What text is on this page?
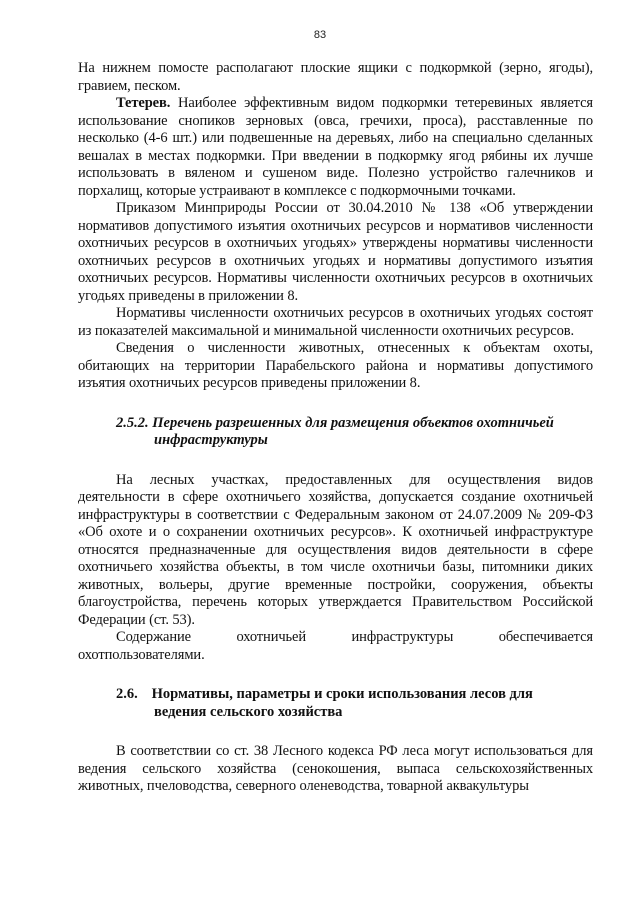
83

На нижнем помосте располагают плоские ящики с подкормкой (зерно, ягоды), гравием, песком.

Тетерев. Наиболее эффективным видом подкормки тетеревиных является использование снопиков зерновых (овса, гречихи, проса), расставленные по несколько (4-6 шт.) или подвешенные на деревьях, либо на специально сделанных вешалах в местах подкормки. При введении в подкормку ягод рябины их лучше использовать в вяленом и сушеном виде. Полезно устройство галечников и порхалищ, которые устраивают в комплексе с подкормочными точками.

Приказом Минприроды России от 30.04.2010 № 138 «Об утверждении нормативов допустимого изъятия охотничьих ресурсов и нормативов численности охотничьих ресурсов в охотничьих угодьях» утверждены нормативы численности охотничьих ресурсов в охотничьих угодьях и нормативы допустимого изъятия охотничьих ресурсов. Нормативы численности охотничьих ресурсов в охотничьих угодьях приведены в приложении 8.

Нормативы численности охотничьих ресурсов в охотничьих угодьях состоят из показателей максимальной и минимальной численности охотничьих ресурсов.

Сведения о численности животных, отнесенных к объектам охоты, обитающих на территории Парабельского района и нормативы допустимого изъятия охотничьих ресурсов приведены приложении 8.

2.5.2. Перечень разрешенных для размещения объектов охотничьей
инфраструктуры

На лесных участках, предоставленных для осуществления видов деятельности в сфере охотничьего хозяйства, допускается создание охотничьей инфраструктуры в соответствии с Федеральным законом от 24.07.2009 № 209-ФЗ «Об охоте и о сохранении охотничьих ресурсов». К охотничьей инфраструктуре относятся предназначенные для осуществления видов деятельности в сфере охотничьего хозяйства объекты, в том числе охотничьи базы, питомники диких животных, вольеры, другие временные постройки, сооружения, объекты благоустройства, перечень которых утверждается Правительством Российской Федерации (ст. 53).

Содержание охотничьей инфраструктуры обеспечивается охотпользователями.

2.6. Нормативы, параметры и сроки использования лесов для
ведения сельского хозяйства

В соответствии со ст. 38 Лесного кодекса РФ леса могут использоваться для ведения сельского хозяйства (сенокошения, выпаса сельскохозяйственных животных, пчеловодства, северного оленеводства, товарной аквакультуры
